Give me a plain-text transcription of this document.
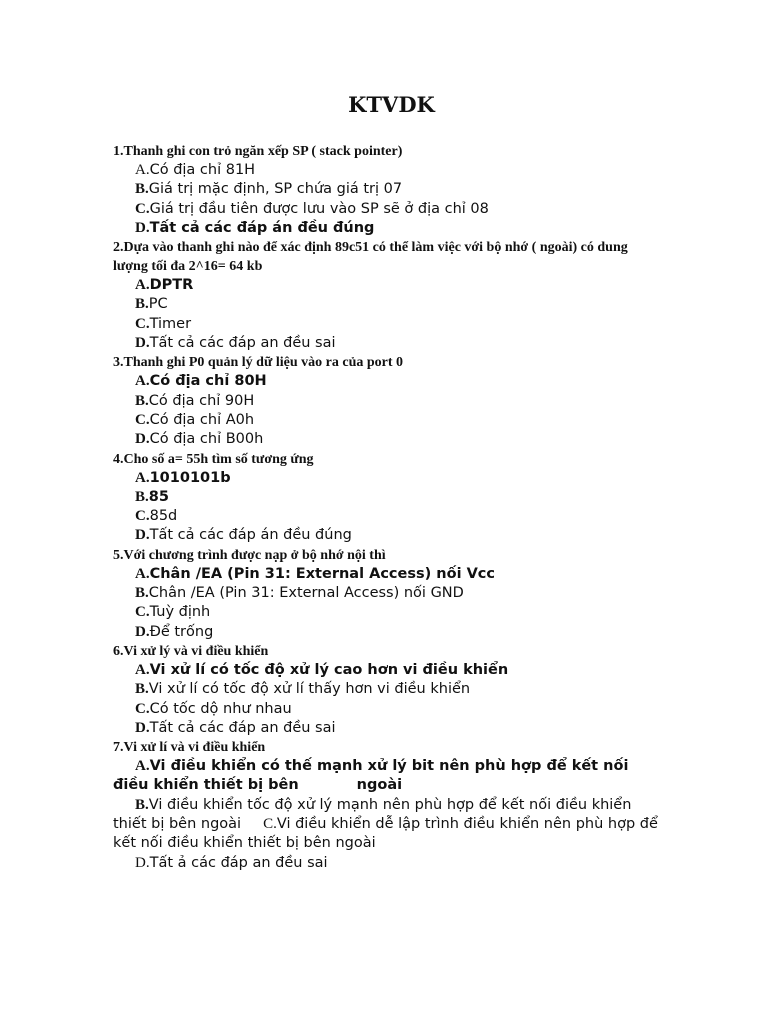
KTVDK
1.Thanh ghi con trỏ ngăn xếp SP ( stack pointer)
A.Có địa chỉ 81H
B.Giá trị mặc định, SP chứa giá trị 07
C.Giá trị đầu tiên được lưu vào SP sẽ ở địa chỉ 08
D.Tất cả các đáp án đều đúng
2.Dựa vào thanh ghi nào để xác định 89c51 có thể làm việc với bộ nhớ ( ngoài) có dung lượng tối đa 2^16= 64 kb
A.DPTR
B.PC
C.Timer
D.Tất cả các đáp an đều sai
3.Thanh ghi P0 quản lý dữ liệu vào ra của port 0
A.Có địa chỉ 80H
B.Có địa chỉ 90H
C.Có địa chỉ A0h
D.Có địa chỉ B00h
4.Cho số a= 55h tìm số tương ứng
A.1010101b
B.85
C.85d
D.Tất cả các đáp án đều đúng
5.Với chương trình được nạp ở bộ nhớ nội thì
A.Chân /EA (Pin 31: External Access) nối Vcc
B.Chân /EA (Pin 31: External Access) nối GND
C.Tuỳ định
D.Để trống
6.Vi xử lý và vi điều khiển
A.Vi xử lí có tốc độ xử lý cao hơn vi điều khiển
B.Vi xử lí có tốc độ xử lí thấy hơn vi điều khiển
C.Có tốc dộ như nhau
D.Tất cả các đáp an đều sai
7.Vi xử lí và vi điều khiển
A.Vi điều khiển có thế mạnh xử lý bit nên phù hợp để kết nối điều khiển thiết bị bên	ngoài
B.Vi điều khiển tốc độ xử lý mạnh nên phù hợp để kết nối điều khiển thiết bị bên ngoài C.Vi điều khiển dễ lập trình điều khiển nên phù hợp để kết nối điều khiển thiết bị bên ngoài
D.Tất ả các đáp an đều sai
